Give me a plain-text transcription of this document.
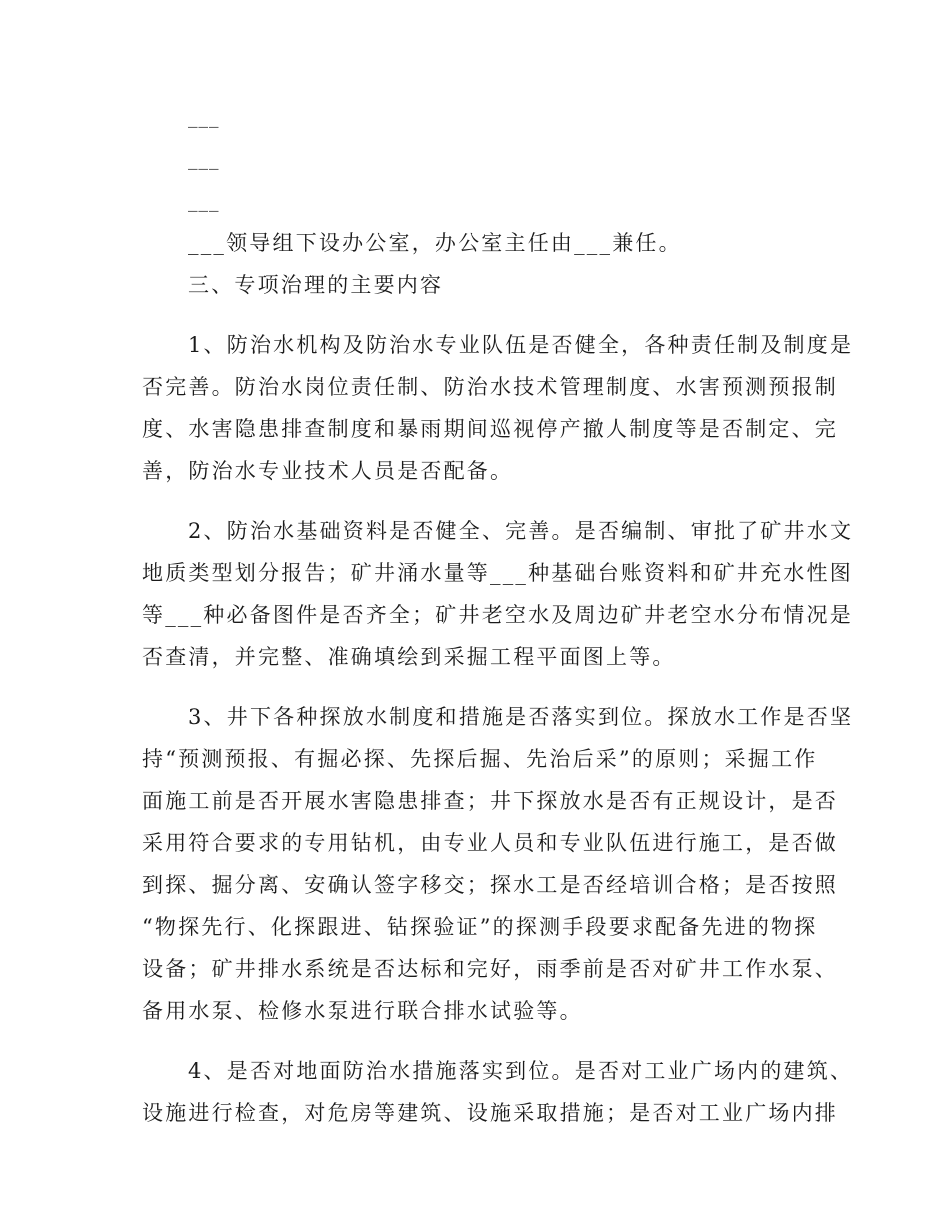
___
___
___
___领导组下设办公室，办公室主任由___兼任。
三、专项治理的主要内容
1、防治水机构及防治水专业队伍是否健全，各种责任制及制度是
否完善。防治水岗位责任制、防治水技术管理制度、水害预测预报制
度、水害隐患排查制度和暴雨期间巡视停产撤人制度等是否制定、完
善，防治水专业技术人员是否配备。
2、防治水基础资料是否健全、完善。是否编制、审批了矿井水文
地质类型划分报告；矿井涌水量等___种基础台账资料和矿井充水性图
等___种必备图件是否齐全；矿井老空水及周边矿井老空水分布情况是
否查清，并完整、准确填绘到采掘工程平面图上等。
3、井下各种探放水制度和措施是否落实到位。探放水工作是否坚
持“预测预报、有掘必探、先探后掘、先治后采”的原则；采掘工作
面施工前是否开展水害隐患排查；井下探放水是否有正规设计，是否
采用符合要求的专用钻机，由专业人员和专业队伍进行施工，是否做
到探、掘分离、安确认签字移交；探水工是否经培训合格；是否按照
“物探先行、化探跟进、钻探验证”的探测手段要求配备先进的物探
设备；矿井排水系统是否达标和完好，雨季前是否对矿井工作水泵、
备用水泵、检修水泵进行联合排水试验等。
4、是否对地面防治水措施落实到位。是否对工业广场内的建筑、
设施进行检查，对危房等建筑、设施采取措施；是否对工业广场内排
